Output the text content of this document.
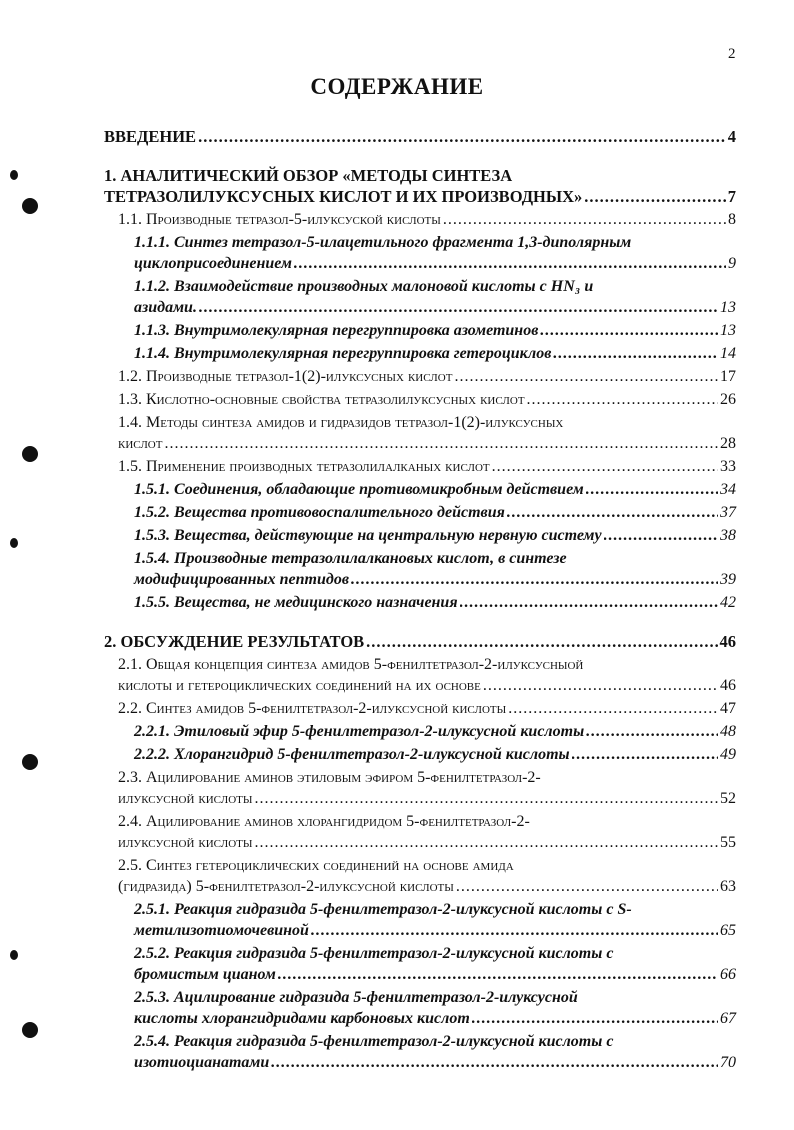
2
СОДЕРЖАНИЕ
ВВЕДЕНИЕ .....	4
1. АНАЛИТИЧЕСКИЙ ОБЗОР «МЕТОДЫ СИНТЕЗА
ТЕТРАЗОЛИЛУКСУСНЫХ КИСЛОТ И ИХ ПРОИЗВОДНЫХ» .....	7
1.1. Производные тетразол-5-илуксуской кислоты .....	8
1.1.1. Синтез тетразол-5-илацетильного фрагмента 1,3-диполярным
циклоприсоединением .....	9
1.1.2. Взаимодействие производных малоновой кислоты с HN₃ и
азидами. .....	13
1.1.3. Внутримолекулярная перегруппировка азометинов .....	13
1.1.4. Внутримолекулярная перегруппировка гетероциклов .....	14
1.2. Производные тетразол-1(2)-илуксусных кислот .....	17
1.3. Кислотно-основные свойства тетразолилуксусных кислот .....	26
1.4. Методы синтеза амидов и гидразидов тетразол-1(2)-илуксусных
кислот .....	28
1.5. Применение производных тетразолилалканых кислот .....	33
1.5.1. Соединения, обладающие противомикробным действием .....	34
1.5.2. Вещества противовоспалительного действия .....	37
1.5.3. Вещества, действующие на центральную нервную систему .....	38
1.5.4. Производные тетразолилалкановых кислот, в синтезе
модифицированных пептидов .....	39
1.5.5. Вещества, не медицинского назначения .....	42
2. ОБСУЖДЕНИЕ РЕЗУЛЬТАТОВ .....	46
2.1. Общая концепция синтеза амидов 5-фенилтетразол-2-илуксусныой
кислоты и гетероциклических соединений на их основе .....	46
2.2. Синтез амидов 5-фенилтетразол-2-илуксусной кислоты .....	47
2.2.1. Этиловый эфир 5-фенилтетразол-2-илуксусной кислоты .....	48
2.2.2. Хлорангидрид 5-фенилтетразол-2-илуксусной кислоты .....	49
2.3. Ацилирование аминов этиловым эфиром 5-фенилтетразол-2-
илуксусной кислоты .....	52
2.4. Ацилирование аминов хлорангидридом 5-фенилтетразол-2-
илуксусной кислоты .....	55
2.5. Синтез гетероциклических соединений на основе амида
(гидразида) 5-фенилтетразол-2-илуксусной кислоты .....	63
2.5.1. Реакция гидразида 5-фенилтетразол-2-илуксусной кислоты с S-
метилизотиомочевиной .....	65
2.5.2. Реакция гидразида 5-фенилтетразол-2-илуксусной кислоты с
бромистым цианом .....	66
2.5.3. Ацилирование гидразида 5-фенилтетразол-2-илуксусной
кислоты хлорангидридами карбоновых кислот .....	67
2.5.4. Реакция гидразида 5-фенилтетразол-2-илуксусной кислоты с
изотиоцианатами .....	70
